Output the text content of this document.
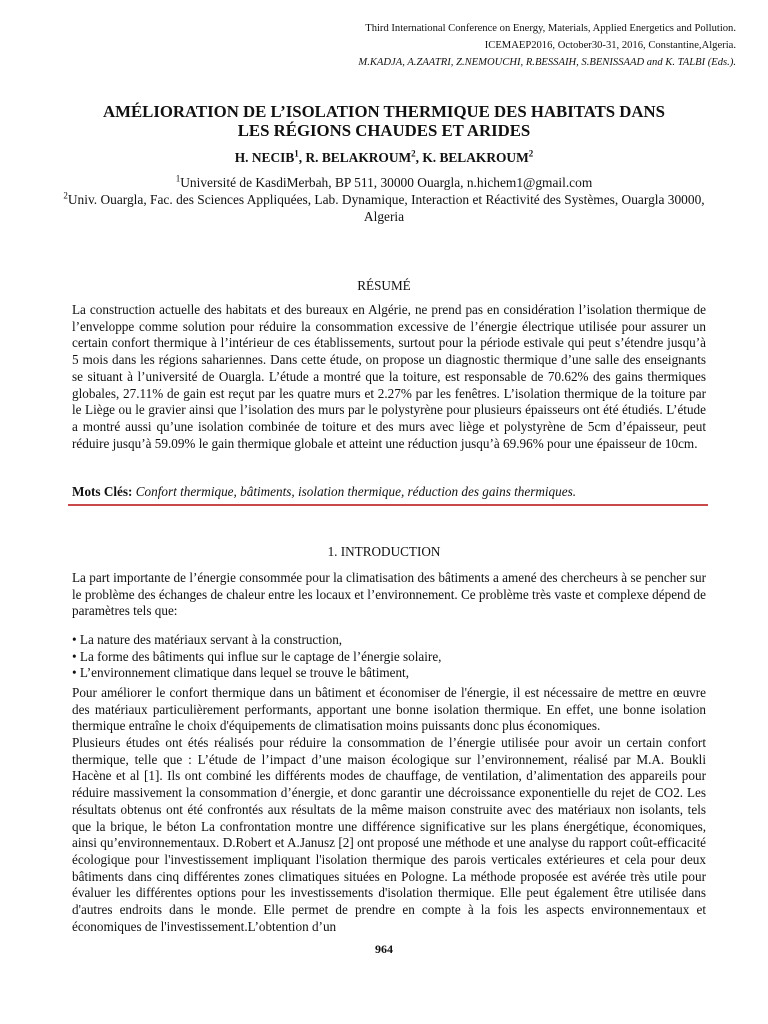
Third International Conference on Energy, Materials, Applied Energetics and Pollution.
ICEMAEP2016, October30-31, 2016, Constantine,Algeria.
M.KADJA, A.ZAATRI, Z.NEMOUCHI, R.BESSAIH, S.BENISSAAD and K. TALBI (Eds.).
AMÉLIORATION DE L’ISOLATION THERMIQUE DES HABITATS DANS
LES RÉGIONS CHAUDES ET ARIDES
H. NECIB$^1$, R. BELAKROUM$^2$, K. BELAKROUM$^2$
$^1$Université de KasdiMerbah, BP 511, 30000 Ouargla, n.hichem1@gmail.com
$^2$Univ. Ouargla, Fac. des Sciences Appliquées, Lab. Dynamique, Interaction et Réactivité des Systèmes, Ouargla 30000, Algeria
RÉSUMÉ

La construction actuelle des habitats et des bureaux en Algérie, ne prend pas en considération l’isolation thermique de l’enveloppe comme solution pour réduire la consommation excessive de l’énergie électrique utilisée pour assurer un certain confort thermique à l’intérieur de ces établissements, surtout pour la période estivale qui peut s’étendre jusqu’à 5 mois dans les régions sahariennes. Dans cette étude, on propose un diagnostic thermique d’une salle des enseignants se situant à l’université de Ouargla. L’étude a montré que la toiture, est responsable de 70.62% des gains thermiques globales, 27.11% de gain est reçut par les quatre murs et 2.27% par les fenêtres. L’isolation thermique de la toiture par le Liège ou le gravier ainsi que l’isolation des murs par le polystyrène pour plusieurs épaisseurs ont été étudiés. L’étude a montré aussi qu’une isolation combinée de toiture et des murs avec liège et polystyrène de 5cm d’épaisseur, peut réduire jusqu’à 59.09% le gain thermique globale et atteint une réduction jusqu’à 69.96% pour une épaisseur de 10cm.

Mots Clés: Confort thermique, bâtiments, isolation thermique, réduction des gains thermiques.
1. INTRODUCTION

La part importante de l’énergie consommée pour la climatisation des bâtiments a amené des chercheurs à se pencher sur le problème des échanges de chaleur entre les locaux et l’environnement. Ce problème très vaste et complexe dépend de paramètres tels que:

• La nature des matériaux servant à la construction,
• La forme des bâtiments qui influe sur le captage de l’énergie solaire,
• L’environnement climatique dans lequel se trouve le bâtiment,

Pour améliorer le confort thermique dans un bâtiment et économiser de l'énergie, il est nécessaire de mettre en œuvre des matériaux particulièrement performants, apportant une bonne isolation thermique. En effet, une bonne isolation thermique entraîne le choix d'équipements de climatisation moins puissants donc plus économiques.

Plusieurs études ont étés réalisés pour réduire la consommation de l’énergie utilisée pour avoir un certain confort thermique, telle que : L’étude de l’impact d’une maison écologique sur l’environnement, réalisé par M.A. Boukli Hacène et al [1]. Ils ont combiné les différents modes de chauffage, de ventilation, d’alimentation des appareils pour réduire massivement la consommation d’énergie, et donc garantir une décroissance exponentielle du rejet de CO2. Les résultats obtenus ont été confrontés aux résultats de la même maison construite avec des matériaux non isolants, tels que la brique, le béton La confrontation montre une différence significative sur les plans énergétique, économiques, ainsi qu’environnementaux. D.Robert et A.Janusz [2] ont proposé une méthode et une analyse du rapport coût-efficacité écologique pour l'investissement impliquant l'isolation thermique des parois verticales extérieures et cela pour deux bâtiments dans cinq différentes zones climatiques situées en Pologne. La méthode proposée est avérée très utile pour évaluer les différentes options pour les investissements d'isolation thermique. Elle peut également être utilisée dans d'autres endroits dans le monde. Elle permet de prendre en compte à la fois les aspects environnementaux et économiques de l'investissement.L’obtention d’un

964
